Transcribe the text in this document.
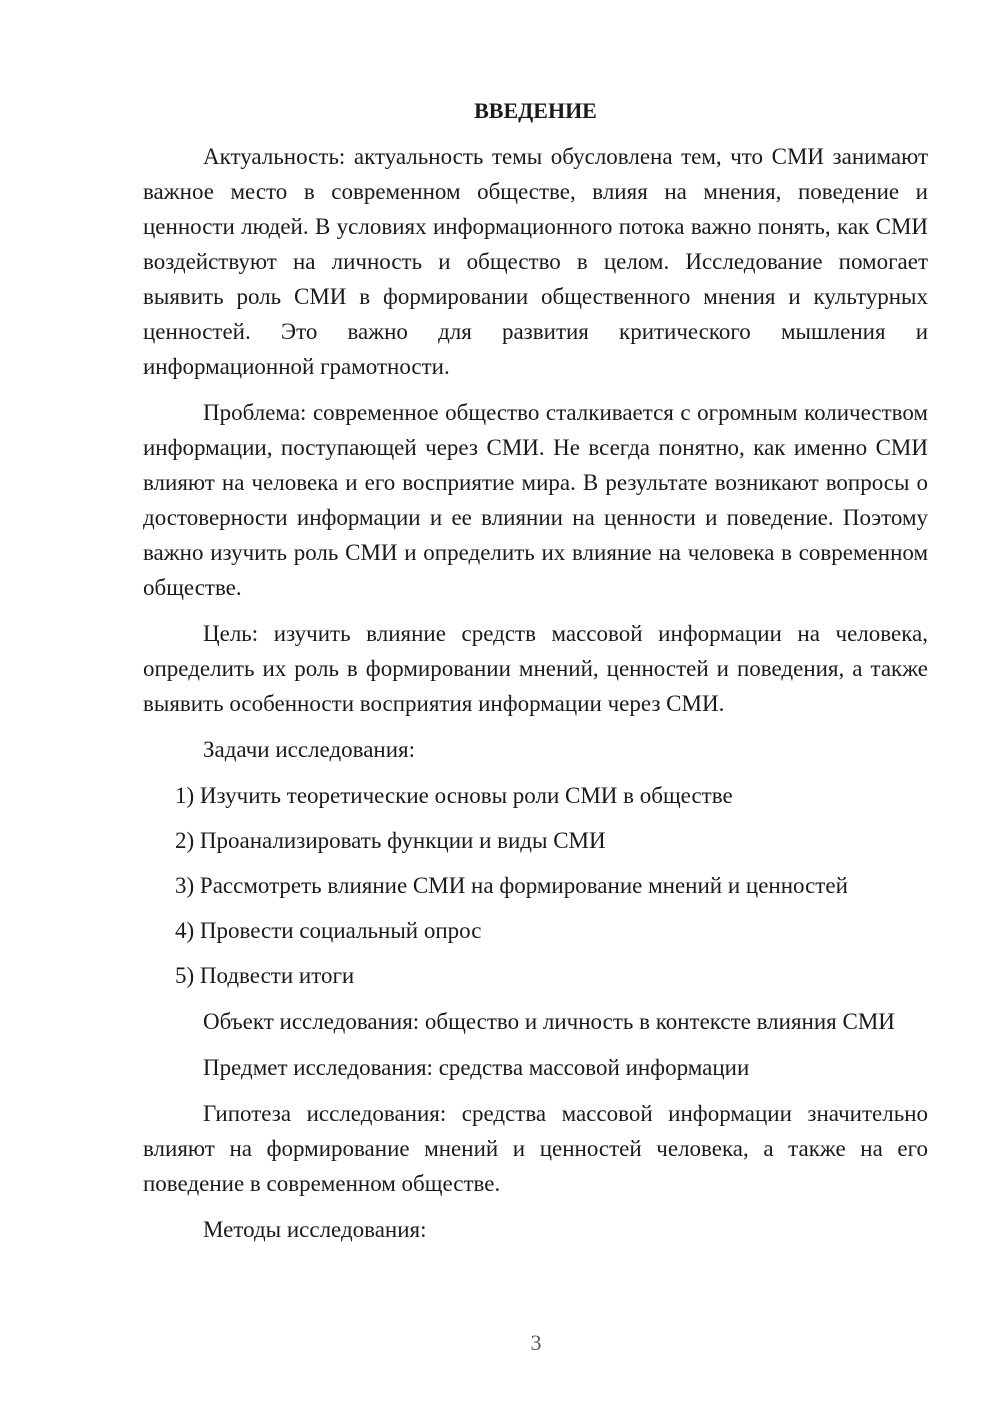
ВВЕДЕНИЕ

Актуальность: актуальность темы обусловлена тем, что СМИ занимают важное место в современном обществе, влияя на мнения, поведение и ценности людей. В условиях информационного потока важно понять, как СМИ воздействуют на личность и общество в целом. Исследование помогает выявить роль СМИ в формировании общественного мнения и культурных ценностей. Это важно для развития критического мышления и информационной грамотности.

Проблема: современное общество сталкивается с огромным количеством информации, поступающей через СМИ. Не всегда понятно, как именно СМИ влияют на человека и его восприятие мира. В результате возникают вопросы о достоверности информации и ее влиянии на ценности и поведение. Поэтому важно изучить роль СМИ и определить их влияние на человека в современном обществе.

Цель: изучить влияние средств массовой информации на человека, определить их роль в формировании мнений, ценностей и поведения, а также выявить особенности восприятия информации через СМИ.

Задачи исследования:

1) Изучить теоретические основы роли СМИ в обществе
2) Проанализировать функции и виды СМИ
3) Рассмотреть влияние СМИ на формирование мнений и ценностей
4) Провести социальный опрос
5) Подвести итоги

Объект исследования: общество и личность в контексте влияния СМИ

Предмет исследования: средства массовой информации

Гипотеза исследования: средства массовой информации значительно влияют на формирование мнений и ценностей человека, а также на его поведение в современном обществе.

Методы исследования:

3
